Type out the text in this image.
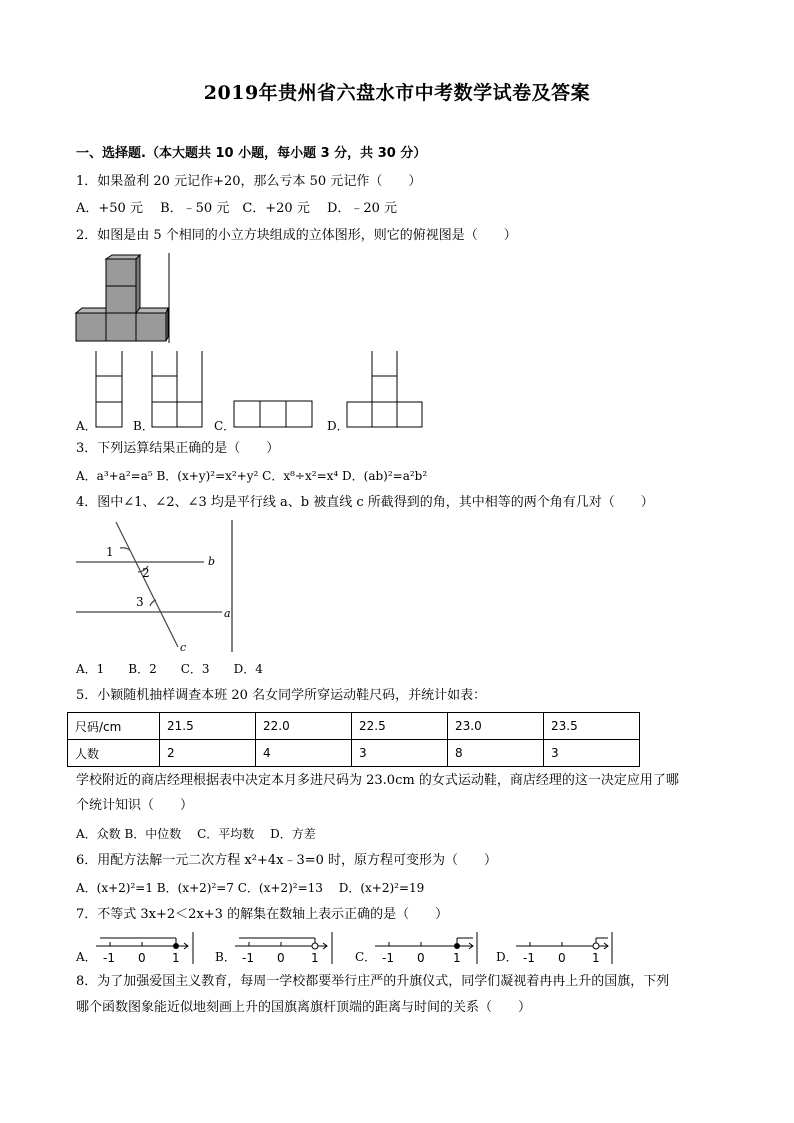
2019年贵州省六盘水市中考数学试卷及答案
一、选择题.（本大题共 10 小题，每小题 3 分，共 30 分）
1．如果盈利 20 元记作+20，那么亏本 50 元记作（　　）
A．+50 元　 B．﹣50 元　C．+20 元　 D．﹣20 元
2．如图是由 5 个相同的小立方块组成的立体图形，则它的俯视图是（　　）
A．	B．	C．	D．
3．下列运算结果正确的是（　　）
A．a³+a²=a⁵ B．(x+y)²=x²+y² C．x⁸÷x²=x⁴ D．(ab)²=a²b²
4．图中∠1、∠2、∠3 均是平行线 a、b 被直线 c 所截得到的角，其中相等的两个角有几对（　　）
1
2
3
b
a
c
A．1　　B．2　　C．3　　D．4
5．小颖随机抽样调查本班 20 名女同学所穿运动鞋尺码，并统计如表：
尺码/cm	21.5	22.0	22.5	23.0	23.5
人数	2	4	3	8	3
学校附近的商店经理根据表中决定本月多进尺码为 23.0cm 的女式运动鞋，商店经理的这一决定应用了哪
个统计知识（　　）
A．众数 B．中位数　 C．平均数　 D．方差
6．用配方法解一元二次方程 x²+4x﹣3=0 时，原方程可变形为（　　）
A．(x+2)²=1 B．(x+2)²=7 C．(x+2)²=13　 D．(x+2)²=19
7．不等式 3x+2＜2x+3 的解集在数轴上表示正确的是（　　）
A． -1 0 1	B． -1 0 1	C． -1 0 1	D． -1 0 1
8．为了加强爱国主义教育，每周一学校都要举行庄严的升旗仪式，同学们凝视着冉冉上升的国旗，下列
哪个函数图象能近似地刻画上升的国旗离旗杆顶端的距离与时间的关系（　　）
